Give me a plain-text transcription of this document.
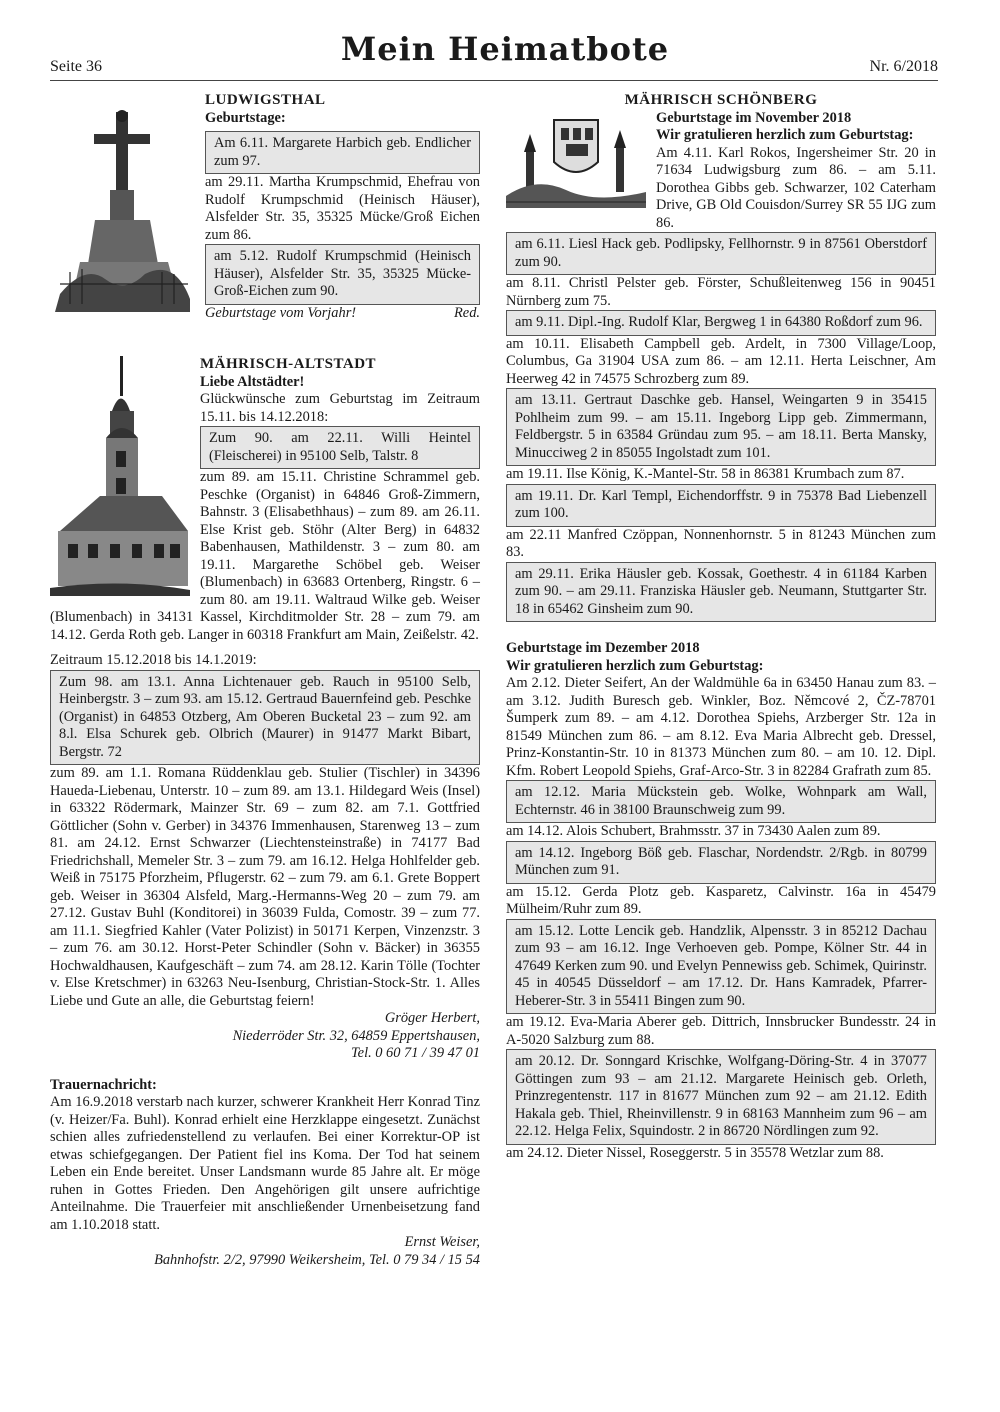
Seite 36	Mein Heimatbote	Nr. 6/2018

LUDWIGSTHAL

Geburtstage:

Am 6.11. Margarete Harbich geb. Endlicher zum 97.

am 29.11. Martha Krumpschmid, Ehefrau von Rudolf Krumpschmid (Heinisch Häuser), Alsfelder Str. 35, 35325 Mücke/Groß Eichen zum 86.

am 5.12. Rudolf Krumpschmid (Heinisch Häuser), Alsfelder Str. 35, 35325 Mücke-Groß-Eichen zum 90.

Geburtstage vom Vorjahr!	Red.

MÄHRISCH-ALTSTADT

Liebe Altstädter!

Glückwünsche zum Geburtstag im Zeitraum 15.11. bis 14.12.2018:

Zum 90. am 22.11. Willi Heintel (Fleischerei) in 95100 Selb, Talstr. 8

zum 89. am 15.11. Christine Schrammel geb. Peschke (Organist) in 64846 Groß-Zimmern, Bahnstr. 3 (Elisabethhaus) – zum 89. am 26.11. Else Krist geb. Stöhr (Alter Berg) in 64832 Babenhausen, Mathildenstr. 3 – zum 80. am 19.11. Margarethe Schöbel geb. Weiser (Blumenbach) in 63683 Ortenberg, Ringstr. 6 – zum 80. am 19.11. Waltraud Wilke geb. Weiser (Blumenbach) in 34131 Kassel, Kirchditmolder Str. 28 – zum 79. am 14.12. Gerda Roth geb. Langer in 60318 Frankfurt am Main, Zeißelstr. 42.

Zeitraum 15.12.2018 bis 14.1.2019:

Zum 98. am 13.1. Anna Lichtenauer geb. Rauch in 95100 Selb, Heinbergstr. 3 – zum 93. am 15.12. Gertraud Bauernfeind geb. Peschke (Organist) in 64853 Otzberg, Am Oberen Bucketal 23 – zum 92. am 8.l. Elsa Schurek geb. Olbrich (Maurer) in 91477 Markt Bibart, Bergstr. 72

zum 89. am 1.1. Romana Rüddenklau geb. Stulier (Tischler) in 34396 Haueda-Liebenau, Unterstr. 10 – zum 89. am 13.1. Hildegard Weis (Insel) in 63322 Rödermark, Mainzer Str. 69 – zum 82. am 7.1. Gottfried Göttlicher (Sohn v. Gerber) in 34376 Immenhausen, Starenweg 13 – zum 81. am 24.12. Ernst Schwarzer (Liechtensteinstraße) in 74177 Bad Friedrichshall, Memeler Str. 3 – zum 79. am 16.12. Helga Hohlfelder geb. Weiß in 75175 Pforzheim, Pflugerstr. 62 – zum 79. am 6.1. Grete Boppert geb. Weiser in 36304 Alsfeld, Marg.-Hermanns-Weg 20 – zum 79. am 27.12. Gustav Buhl (Konditorei) in 36039 Fulda, Comostr. 39 – zum 77. am 11.1. Siegfried Kahler (Vater Polizist) in 50171 Kerpen, Vinzenzstr. 3 – zum 76. am 30.12. Horst-Peter Schindler (Sohn v. Bäcker) in 36355 Hochwaldhausen, Kaufgeschäft – zum 74. am 28.12. Karin Tölle (Tochter v. Else Kretschmer) in 63263 Neu-Isenburg, Christian-Stock-Str. 1. Alles Liebe und Gute an alle, die Geburtstag feiern!

Gröger Herbert,

Niederröder Str. 32, 64859 Eppertshausen,

Tel. 0 60 71 / 39 47 01

Trauernachricht:

Am 16.9.2018 verstarb nach kurzer, schwerer Krankheit Herr Konrad Tinz (v. Heizer/Fa. Buhl). Konrad erhielt eine Herzklappe eingesetzt. Zunächst schien alles zufriedenstellend zu verlaufen. Bei einer Korrektur-OP ist etwas schiefgegangen. Der Patient fiel ins Koma. Der Tod hat seinem Leben ein Ende bereitet. Unser Landsmann wurde 85 Jahre alt. Er möge ruhen in Gottes Frieden. Den Angehörigen gilt unsere aufrichtige Anteilnahme. Die Trauerfeier mit anschließender Urnenbeisetzung fand am 1.10.2018 statt.

Ernst Weiser,

Bahnhofstr. 2/2, 97990 Weikersheim, Tel. 0 79 34 / 15 54

MÄHRISCH SCHÖNBERG

Geburtstage im November 2018

Wir gratulieren herzlich zum Geburtstag:

Am 4.11. Karl Rokos, Ingersheimer Str. 20 in 71634 Ludwigsburg zum 86. – am 5.11. Dorothea Gibbs geb. Schwarzer, 102 Caterham Drive, GB Old Couisdon/Surrey SR 55 IJG zum 86.

am 6.11. Liesl Hack geb. Podlipsky, Fellhornstr. 9 in 87561 Oberstdorf zum 90.

am 8.11. Christl Pelster geb. Förster, Schußleitenweg 156 in 90451 Nürnberg zum 75.

am 9.11. Dipl.-Ing. Rudolf Klar, Bergweg 1 in 64380 Roßdorf zum 96.

am 10.11. Elisabeth Campbell geb. Ardelt, in 7300 Village/Loop, Columbus, Ga 31904 USA zum 86. – am 12.11. Herta Leischner, Am Heerweg 42 in 74575 Schrozberg zum 89.

am 13.11. Gertraut Daschke geb. Hansel, Weingarten 9 in 35415 Pohlheim zum 99. – am 15.11. Ingeborg Lipp geb. Zimmermann, Feldbergstr. 5 in 63584 Gründau zum 95. – am 18.11. Berta Mansky, Minucciweg 2 in 85055 Ingolstadt zum 101.

am 19.11. Ilse König, K.-Mantel-Str. 58 in 86381 Krumbach zum 87.

am 19.11. Dr. Karl Templ, Eichendorffstr. 9 in 75378 Bad Liebenzell zum 100.

am 22.11 Manfred Czöppan, Nonnenhornstr. 5 in 81243 München zum 83.

am 29.11. Erika Häusler geb. Kossak, Goethestr. 4 in 61184 Karben zum 90. – am 29.11. Franziska Häusler geb. Neumann, Stuttgarter Str. 18 in 65462 Ginsheim zum 90.

Geburtstage im Dezember 2018

Wir gratulieren herzlich zum Geburtstag:

Am 2.12. Dieter Seifert, An der Waldmühle 6a in 63450 Hanau zum 83. – am 3.12. Judith Buresch geb. Winkler, Boz. Němcové 2, ČZ-78701 Šumperk zum 89. – am 4.12. Dorothea Spiehs, Arzberger Str. 12a in 81549 München zum 86. – am 8.12. Eva Maria Albrecht geb. Dressel, Prinz-Konstantin-Str. 10 in 81373 München zum 80. – am 10. 12. Dipl. Kfm. Robert Leopold Spiehs, Graf-Arco-Str. 3 in 82284 Grafrath zum 85.

am 12.12. Maria Mückstein geb. Wolke, Wohnpark am Wall, Echternstr. 46 in 38100 Braunschweig zum 99.

am 14.12. Alois Schubert, Brahmsstr. 37 in 73430 Aalen zum 89.

am 14.12. Ingeborg Böß geb. Flaschar, Nordendstr. 2/Rgb. in 80799 München zum 91.

am 15.12. Gerda Plotz geb. Kasparetz, Calvinstr. 16a in 45479 Mülheim/Ruhr zum 89.

am 15.12. Lotte Lencik geb. Handzlik, Alpensstr. 3 in 85212 Dachau zum 93 – am 16.12. Inge Verhoeven geb. Pompe, Kölner Str. 44 in 47649 Kerken zum 90. und Evelyn Pennewiss geb. Schimek, Quirinstr. 45 in 40545 Düsseldorf – am 17.12. Dr. Hans Kamradek, Pfarrer-Heberer-Str. 3 in 55411 Bingen zum 90.

am 19.12. Eva-Maria Aberer geb. Dittrich, Innsbrucker Bundesstr. 24 in A-5020 Salzburg zum 88.

am 20.12. Dr. Sonngard Krischke, Wolfgang-Döring-Str. 4 in 37077 Göttingen zum 93 – am 21.12. Margarete Heinisch geb. Orleth, Prinzregentenstr. 117 in 81677 München zum 92 – am 21.12. Edith Hakala geb. Thiel, Rheinvillenstr. 9 in 68163 Mannheim zum 96 – am 22.12. Helga Felix, Squindostr. 2 in 86720 Nördlingen zum 92.

am 24.12. Dieter Nissel, Roseggerstr. 5 in 35578 Wetzlar zum 88.
